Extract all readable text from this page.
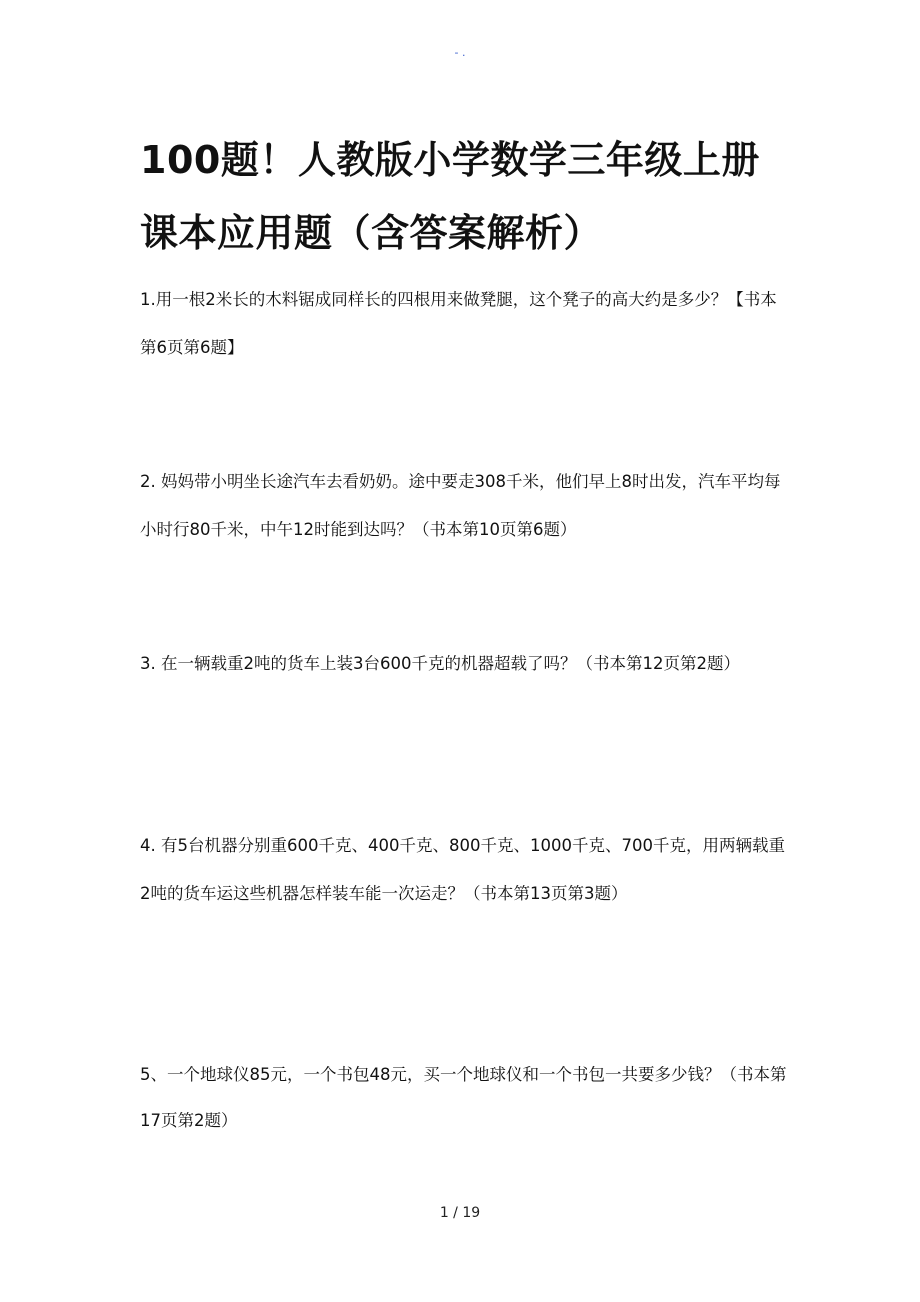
- .
100题！人教版小学数学三年级上册课本应用题（含答案解析）

1.用一根2米长的木料锯成同样长的四根用来做凳腿，这个凳子的高大约是多少？【书本第6页第6题】

2. 妈妈带小明坐长途汽车去看奶奶。途中要走308千米，他们早上8时出发，汽车平均每小时行80千米，中午12时能到达吗？（书本第10页第6题）

3. 在一辆载重2吨的货车上装3台600千克的机器超载了吗？（书本第12页第2题）

4. 有5台机器分别重600千克、400千克、800千克、1000千克、700千克，用两辆载重2吨的货车运这些机器怎样装车能一次运走？（书本第13页第3题）

5、一个地球仪85元，一个书包48元，买一个地球仪和一个书包一共要多少钱？（书本第17页第2题）

1 / 19
